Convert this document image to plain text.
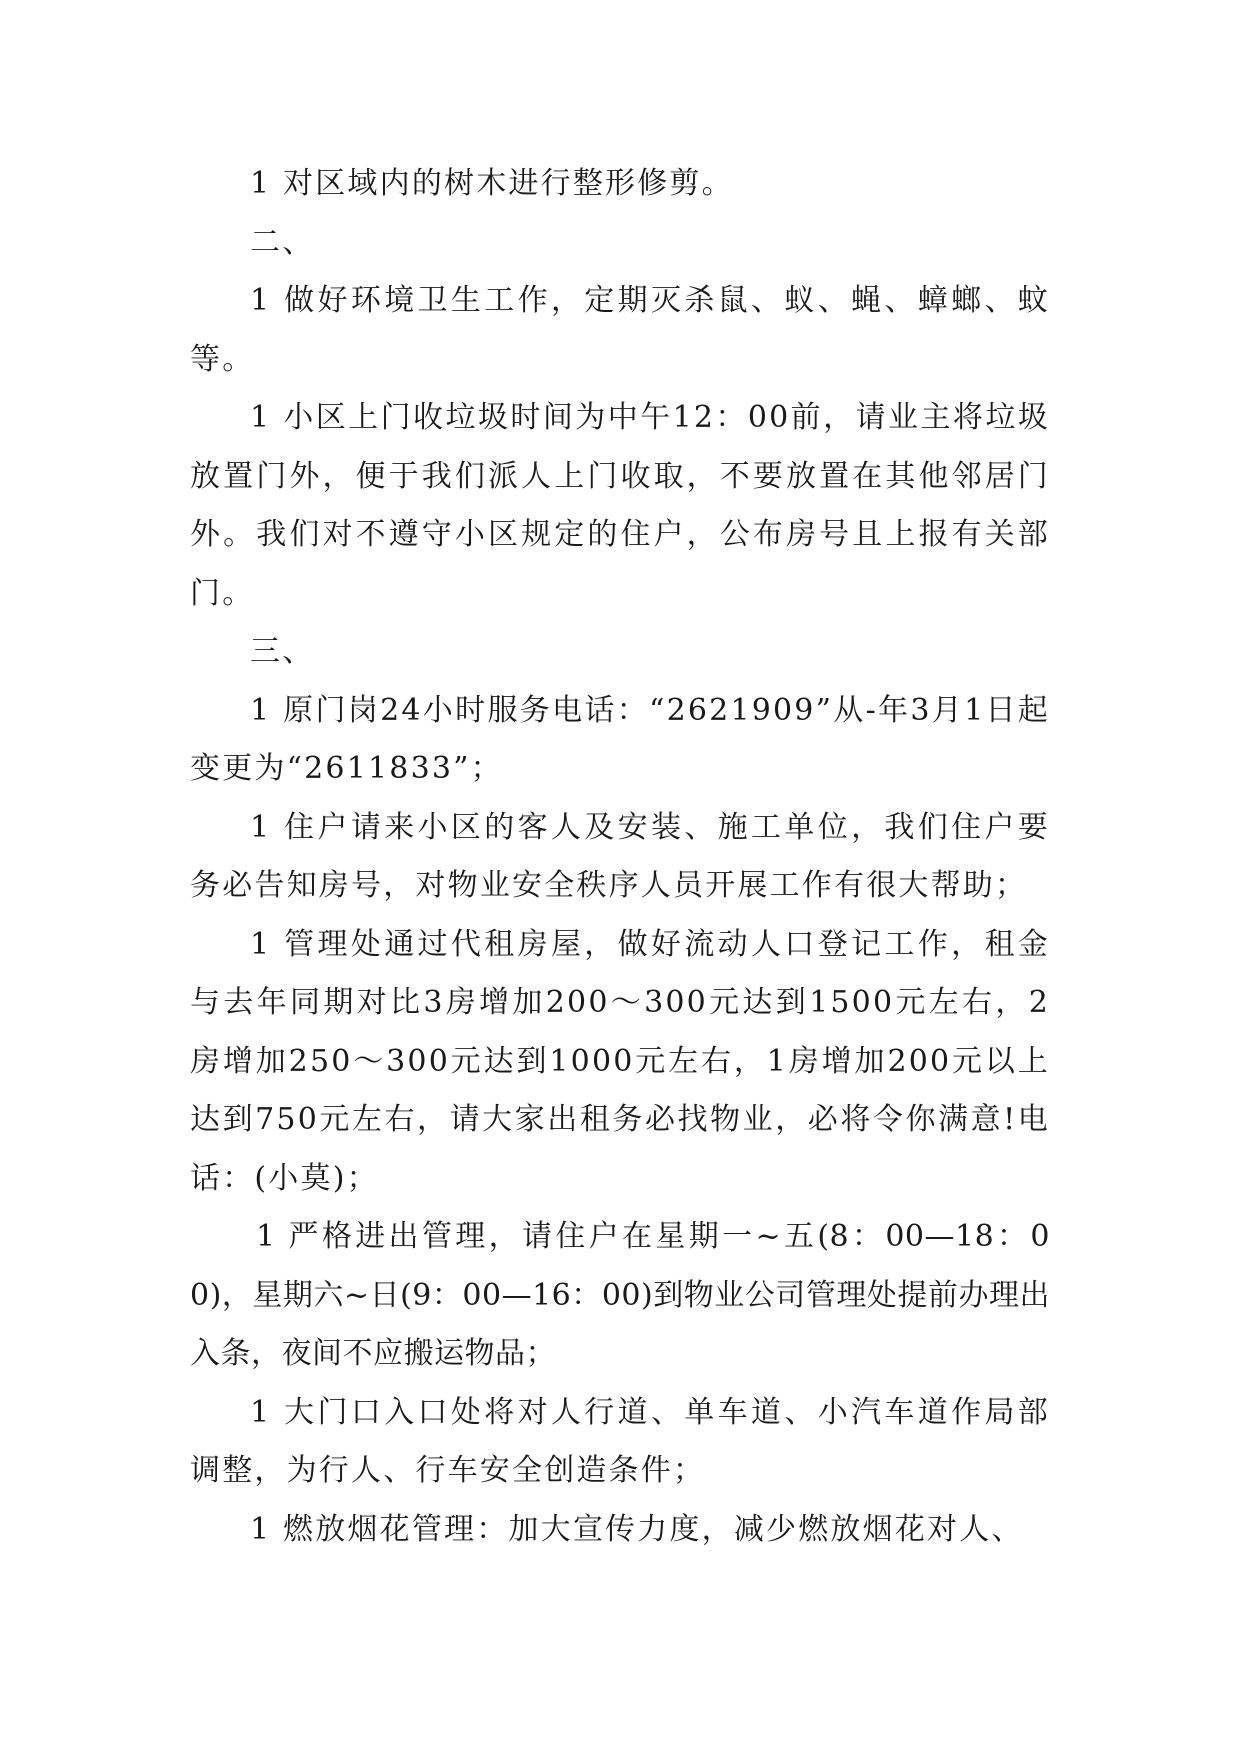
1 对区域内的树木进行整形修剪。

二、

1 做好环境卫生工作，定期灭杀鼠、蚁、蝇、蟑螂、蚊等。

1 小区上门收垃圾时间为中午12：00前，请业主将垃圾放置门外，便于我们派人上门收取，不要放置在其他邻居门外。我们对不遵守小区规定的住户，公布房号且上报有关部门。

三、

1 原门岗24小时服务电话：“2621909”从-年3月1日起变更为“2611833”；

1 住户请来小区的客人及安装、施工单位，我们住户要务必告知房号，对物业安全秩序人员开展工作有很大帮助；

1 管理处通过代租房屋，做好流动人口登记工作，租金与去年同期对比3房增加200～300元达到1500元左右，2房增加250～300元达到1000元左右，1房增加200元以上达到750元左右，请大家出租务必找物业，必将令你满意!电话：(小莫)；

1 严格进出管理，请住户在星期一~五(8：00—18：00)，星期六~日(9：00—16：00)到物业公司管理处提前办理出入条，夜间不应搬运物品；

1 大门口入口处将对人行道、单车道、小汽车道作局部调整，为行人、行车安全创造条件；

1 燃放烟花管理：加大宣传力度，减少燃放烟花对人、
